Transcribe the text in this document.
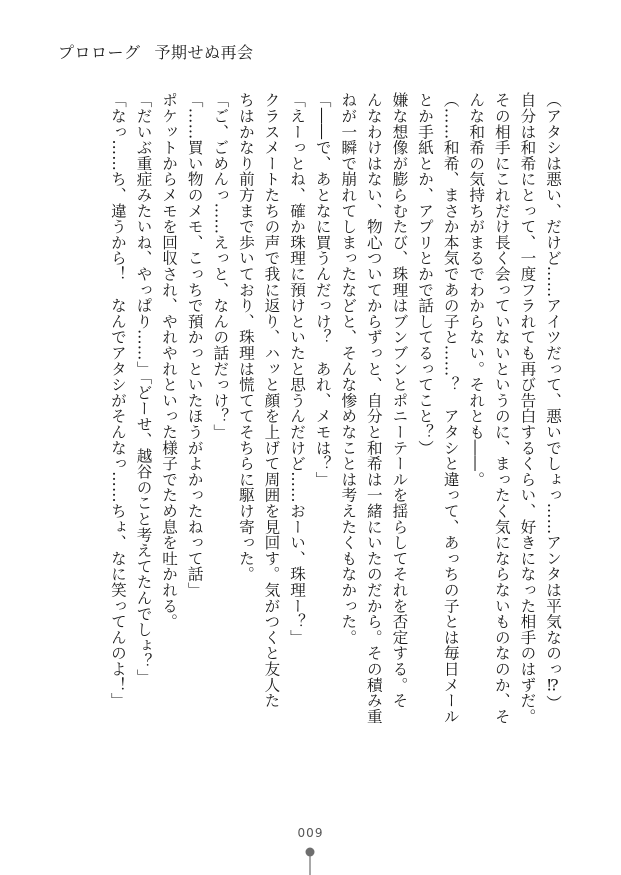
プロローグ 予期せぬ再会

（アタシは悪い、だけど……アイツだって、悪いでしょっ……アンタは平気なのっ⁉）

自分は和希にとって、一度フラれても再び告白するくらい、好きになった相手のはずだ。

その相手にこれだけ長く会っていないというのに、まったく気にならないものなのか、そ

んな和希の気持ちがまるでわからない。それとも――。

（……和希、まさか本気であの子と……？　アタシと違って、あっちの子とは毎日メール

とか手紙とか、アプリとかで話してるってこと？）

嫌な想像が膨らむたび、珠理はブンブンとポニーテールを揺らしてそれを否定する。そ

んなわけはない、物心ついてからずっと、自分と和希は一緒にいたのだから。その積み重

ねが一瞬で崩れてしまったなどと、そんな惨めなことは考えたくもなかった。

「――で、あとなに買うんだっけ？　あれ、メモは？」

「えーっとね、確か珠理に預けといたと思うんだけど……おーい、珠理ー？」

クラスメートたちの声で我に返り、ハッと顔を上げて周囲を見回す。気がつくと友人た

ちはかなり前方まで歩いており、珠理は慌ててそちらに駆け寄った。

「ご、ごめんっ……えっと、なんの話だっけ？」

「……買い物のメモ、こっちで預かっといたほうがよかったねって話」

ポケットからメモを回収され、やれやれといった様子でため息を吐かれる。

「だいぶ重症みたいね、やっぱり……」「どーせ、越谷のこと考えてたんでしょ？」

「なっ……ち、違うから！　なんでアタシがそんなっ……ちょ、なに笑ってんのよ！」

009
